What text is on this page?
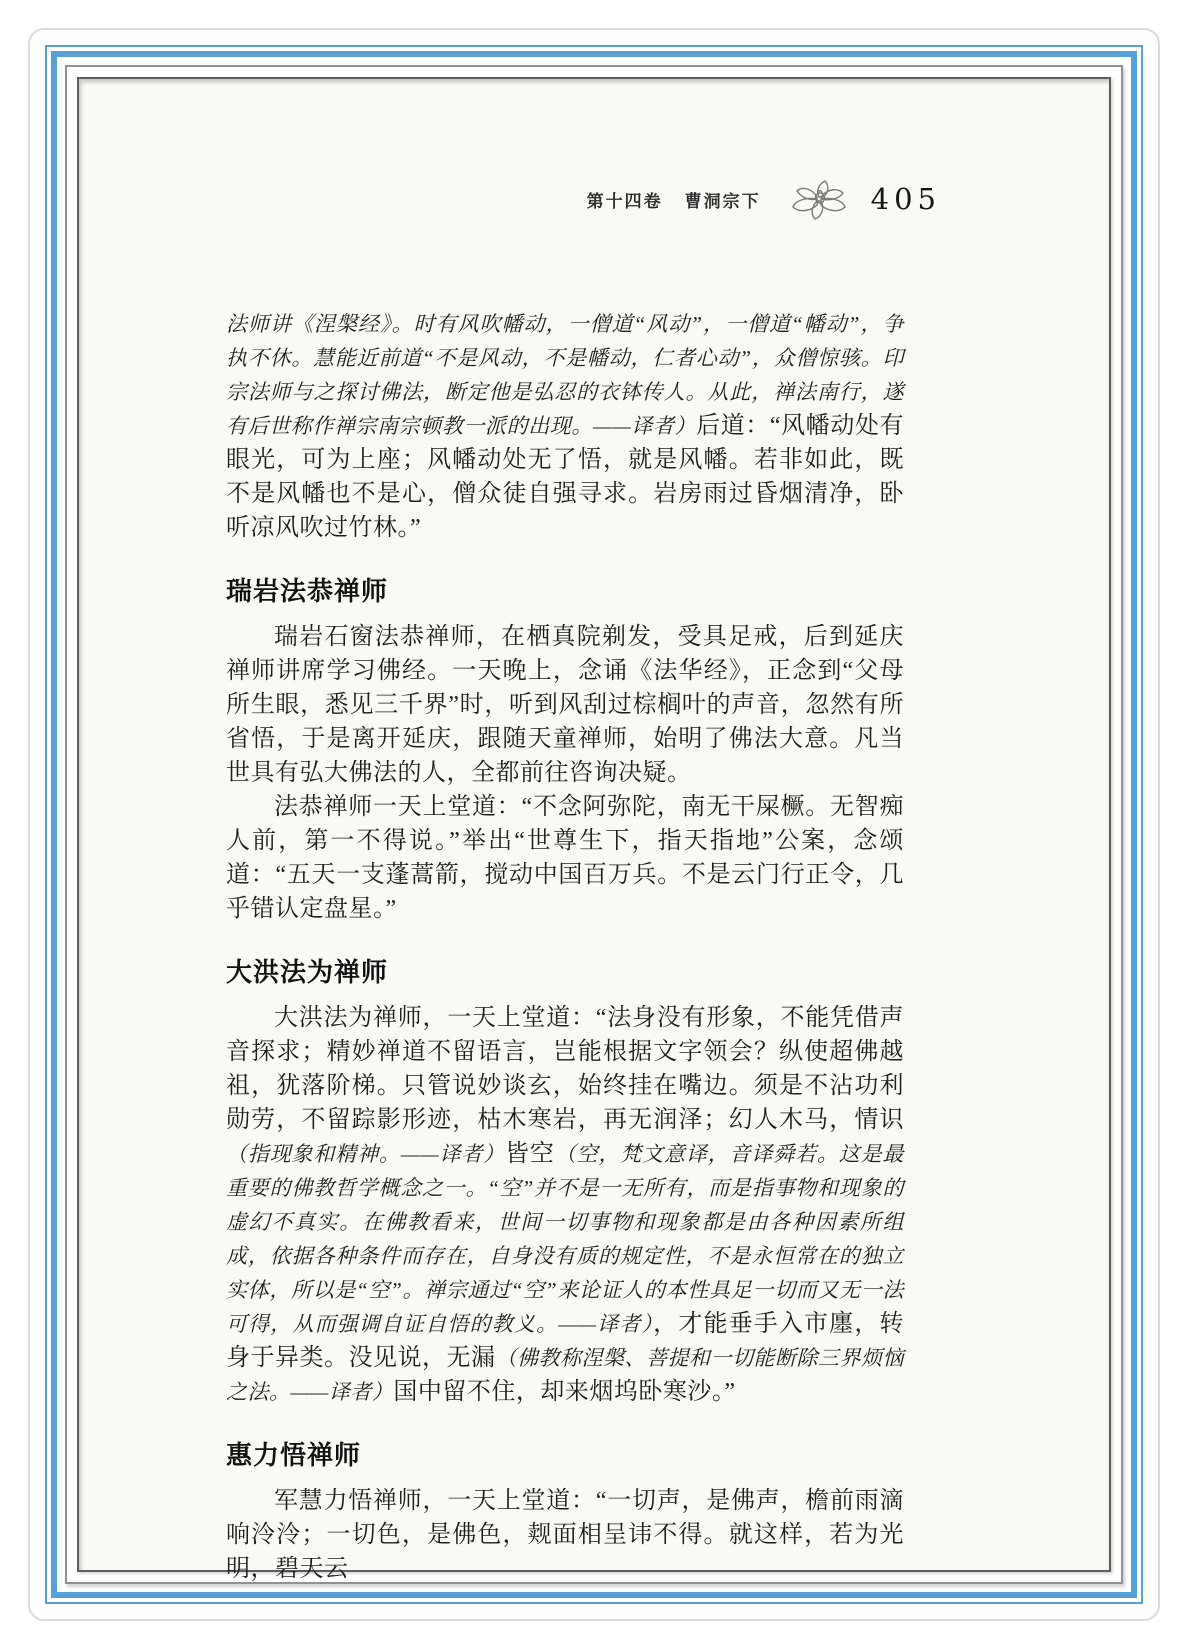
第十四卷 曹洞宗下	405

法师讲《涅槃经》。时有风吹幡动，一僧道“风动”，一僧道“幡动”，争执不休。慧能近前道“不是风动，不是幡动，仁者心动”，众僧惊骇。印宗法师与之探讨佛法，断定他是弘忍的衣钵传人。从此，禅法南行，遂有后世称作禅宗南宗顿教一派的出现。——译者）后道：“风幡动处有眼光，可为上座；风幡动处无了悟，就是风幡。若非如此，既不是风幡也不是心，僧众徒自强寻求。岩房雨过昏烟清净，卧听凉风吹过竹林。”

瑞岩法恭禅师

瑞岩石窗法恭禅师，在栖真院剃发，受具足戒，后到延庆禅师讲席学习佛经。一天晚上，念诵《法华经》，正念到“父母所生眼，悉见三千界”时，听到风刮过棕榈叶的声音，忽然有所省悟，于是离开延庆，跟随天童禅师，始明了佛法大意。凡当世具有弘大佛法的人，全都前往咨询决疑。

法恭禅师一天上堂道：“不念阿弥陀，南无干屎橛。无智痴人前，第一不得说。”举出“世尊生下，指天指地”公案，念颂道：“五天一支蓬蒿箭，搅动中国百万兵。不是云门行正令，几乎错认定盘星。”

大洪法为禅师

大洪法为禅师，一天上堂道：“法身没有形象，不能凭借声音探求；精妙禅道不留语言，岂能根据文字领会？纵使超佛越祖，犹落阶梯。只管说妙谈玄，始终挂在嘴边。须是不沾功利勋劳，不留踪影形迹，枯木寒岩，再无润泽；幻人木马，情识（指现象和精神。——译者）皆空（空，梵文意译，音译舜若。这是最重要的佛教哲学概念之一。“空”并不是一无所有，而是指事物和现象的虚幻不真实。在佛教看来，世间一切事物和现象都是由各种因素所组成，依据各种条件而存在，自身没有质的规定性，不是永恒常在的独立实体，所以是“空”。禅宗通过“空”来论证人的本性具足一切而又无一法可得，从而强调自证自悟的教义。——译者），才能垂手入市廛，转身于异类。没见说，无漏（佛教称涅槃、菩提和一切能断除三界烦恼之法。——译者）国中留不住，却来烟坞卧寒沙。”

惠力悟禅师

军慧力悟禅师，一天上堂道：“一切声，是佛声，檐前雨滴响泠泠；一切色，是佛色，觌面相呈讳不得。就这样，若为光明，碧天云
